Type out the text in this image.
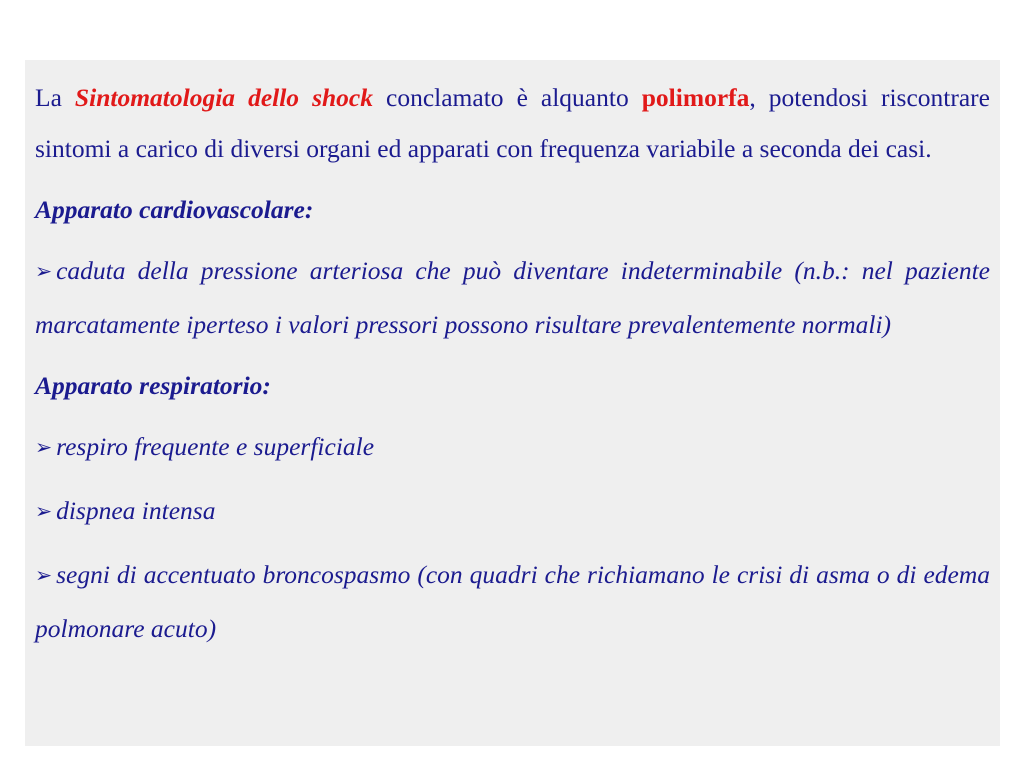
La Sintomatologia dello shock conclamato è alquanto polimorfa, potendosi riscontrare sintomi a carico di diversi organi ed apparati con frequenza variabile a seconda dei casi.

Apparato cardiovascolare:

➢ caduta della pressione arteriosa che può diventare indeterminabile (n.b.: nel paziente marcatamente iperteso i valori pressori possono risultare prevalentemente normali)

Apparato respiratorio:

➢ respiro frequente e superficiale

➢ dispnea intensa

➢ segni di accentuato broncospasmo (con quadri che richiamano le crisi di asma o di edema polmonare acuto)
